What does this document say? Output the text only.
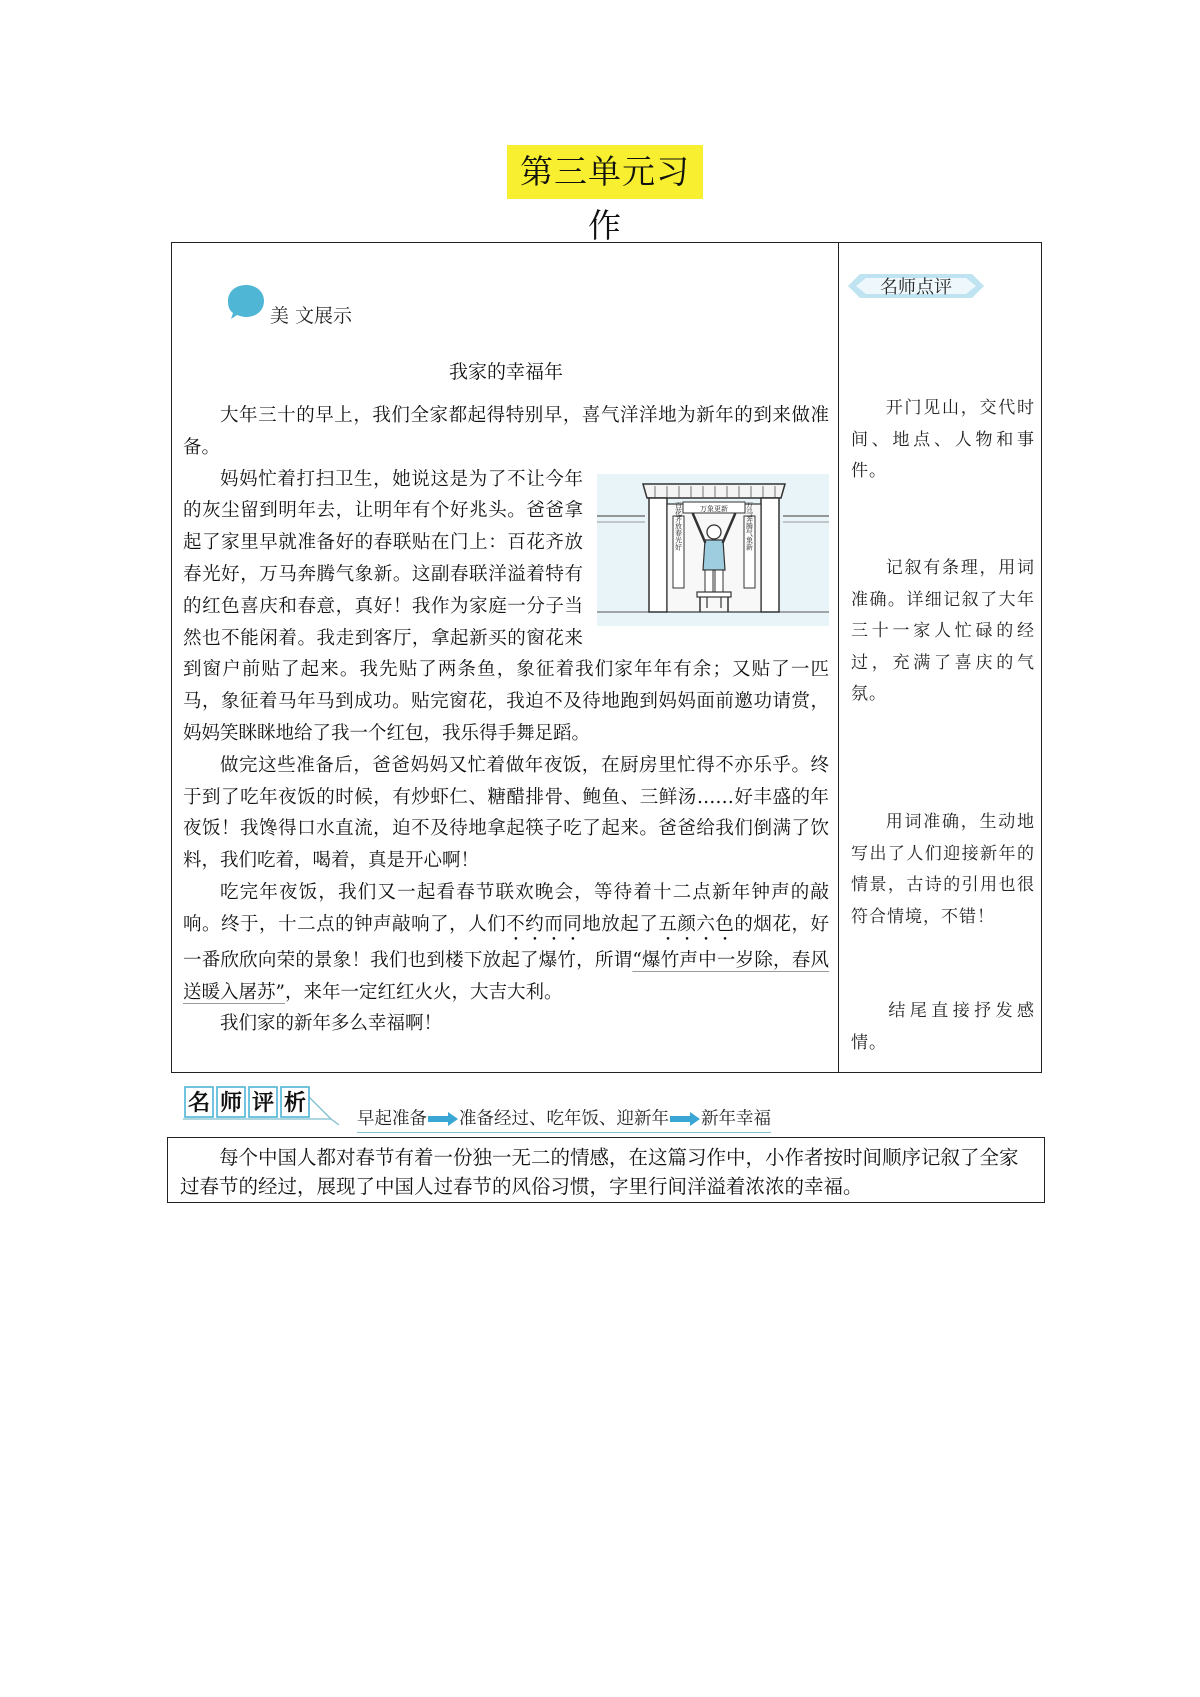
第三单元习作
美 文展示
我家的幸福年

大年三十的早上，我们全家都起得特别早，喜气洋洋地为新年的到来做准备。

万象更新	万马奔腾气象新
百花齐放春光好
妈妈忙着打扫卫生，她说这是为了不让今年的灰尘留到明年去，让明年有个好兆头。爸爸拿起了家里早就准备好的春联贴在门上：百花齐放春光好，万马奔腾气象新。这副春联洋溢着特有的红色喜庆和春意，真好！我作为家庭一分子当然也不能闲着。我走到客厅，拿起新买的窗花来到窗户前贴了起来。我先贴了两条鱼，象征着我们家年年有余；又贴了一匹马，象征着马年马到成功。贴完窗花，我迫不及待地跑到妈妈面前邀功请赏，妈妈笑眯眯地给了我一个红包，我乐得手舞足蹈。

做完这些准备后，爸爸妈妈又忙着做年夜饭，在厨房里忙得不亦乐乎。终于到了吃年夜饭的时候，有炒虾仁、糖醋排骨、鲍鱼、三鲜汤……好丰盛的年夜饭！我馋得口水直流，迫不及待地拿起筷子吃了起来。爸爸给我们倒满了饮料，我们吃着，喝着，真是开心啊！

吃完年夜饭，我们又一起看春节联欢晚会，等待着十二点新年钟声的敲响。终于，十二点的钟声敲响了，人们不约而同地放起了五颜六色的烟花，好一番欣欣向荣的景象！我们也到楼下放起了爆竹，所谓“爆竹声中一岁除，春风送暖入屠苏”，来年一定红红火火，大吉大利。

我们家的新年多么幸福啊！

名师点评
开门见山，交代时间、地点、人物和事件。
记叙有条理，用词准确。详细记叙了大年三十一家人忙碌的经过，充满了喜庆的气氛。
用词准确，生动地写出了人们迎接新年的情景，古诗的引用也很符合情境，不错！
结尾直接抒发感情。
名 师 评 析
早起准备 准备经过、吃年饭、迎新年 新年幸福
每个中国人都对春节有着一份独一无二的情感，在这篇习作中，小作者按时间顺序记叙了全家过春节的经过，展现了中国人过春节的风俗习惯，字里行间洋溢着浓浓的幸福。
